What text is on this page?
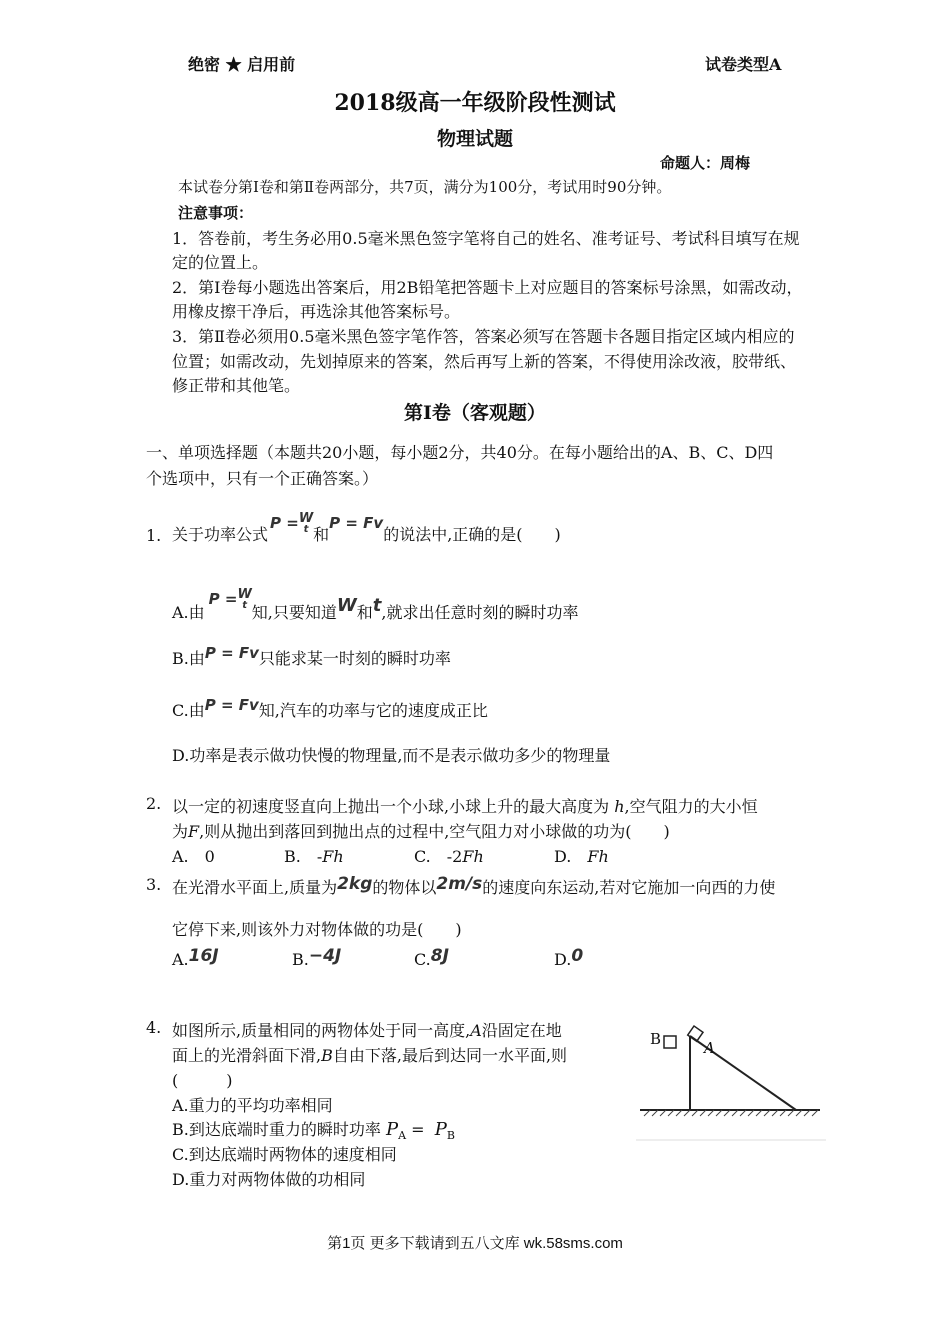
绝密 ★ 启用前	试卷类型A
2018级高一年级阶段性测试
物理试题
命题人：周梅
本试卷分第Ⅰ卷和第Ⅱ卷两部分，共7页，满分为100分，考试用时90分钟。
注意事项：
1．答卷前，考生务必用0.5毫米黑色签字笔将自己的姓名、准考证号、考试科目填写在规
定的位置上。
2．第Ⅰ卷每小题选出答案后，用2B铅笔把答题卡上对应题目的答案标号涂黑，如需改动，
用橡皮擦干净后，再选涂其他答案标号。
3．第Ⅱ卷必须用0.5毫米黑色签字笔作答，答案必须写在答题卡各题目指定区域内相应的
位置；如需改动，先划掉原来的答案，然后再写上新的答案，不得使用涂改液，胶带纸、
修正带和其他笔。
第Ⅰ卷（客观题）
一、单项选择题（本题共20小题，每小题2分，共40分。在每小题给出的A、B、C、D四
个选项中，只有一个正确答案。）
1. 关于功率公式
P = W
t 和
P = Fv
的说法中,正确的是(　　)
A.由
P = W
t 知,只要知道 W 和 t ,就求出任意时刻的瞬时功率
B.由P = Fv只能求某一时刻的瞬时功率
C.由P = Fv知,汽车的功率与它的速度成正比
D.功率是表示做功快慢的物理量,而不是表示做功多少的物理量
2. 以一定的初速度竖直向上抛出一个小球,小球上升的最大高度为 h,空气阻力的大小恒
为F,则从抛出到落回到抛出点的过程中,空气阻力对小球做的功为(　　)
A.　0	B.　-Fh	C.　-2Fh	D.　Fh
3. 在光滑水平面上,质量为2kg的物体以2m/s的速度向东运动,若对它施加一向西的力使
它停下来,则该外力对物体做的功是(　　)
A.16J	B.−4J	C.8J	D.0
4. 如图所示,质量相同的两物体处于同一高度,A沿固定在地
面上的光滑斜面下滑,B自由下落,最后到达同一水平面,则
(　　　)
A.重力的平均功率相同
B.到达底端时重力的瞬时功率 $P_A = P_B$
C.到达底端时两物体的速度相同
D.重力对两物体做的功相同
B	A
第1页 更多下载请到五八文库 wk.58sms.com
